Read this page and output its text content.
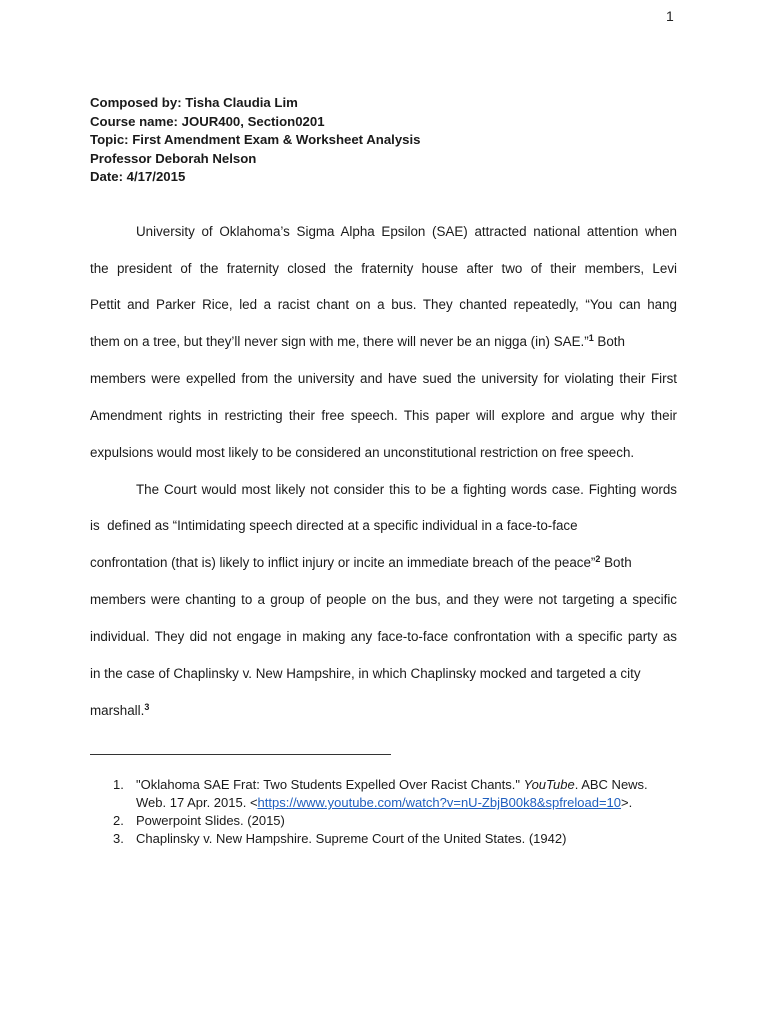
1
Composed by: Tisha Claudia Lim
Course name: JOUR400, Section0201
Topic: First Amendment Exam & Worksheet Analysis
Professor Deborah Nelson
Date: 4/17/2015
University of Oklahoma’s Sigma Alpha Epsilon (SAE) attracted national attention when
the president of the fraternity closed the fraternity house after two of their members, Levi
Pettit and Parker Rice, led a racist chant on a bus. They chanted repeatedly, “You can hang
them on a tree, but they’ll never sign with me, there will never be an nigga (in) SAE.”$^1$ Both
members were expelled from the university and have sued the university for violating their First
Amendment rights in restricting their free speech. This paper will explore and argue why their
expulsions would most likely to be considered an unconstitutional restriction on free speech.
The Court would most likely not consider this to be a fighting words case. Fighting words
is  defined as “Intimidating speech directed at a specific individual in a face-to-face
confrontation (that is) likely to inflict injury or incite an immediate breach of the peace”$^2$ Both
members were chanting to a group of people on the bus, and they were not targeting a specific
individual. They did not engage in making any face-to-face confrontation with a specific party as
in the case of Chaplinsky v. New Hampshire, in which Chaplinsky mocked and targeted a city
marshall.$^3$
1. "Oklahoma SAE Frat: Two Students Expelled Over Racist Chants." YouTube. ABC News.
Web. 17 Apr. 2015. <https://www.youtube.com/watch?v=nU-ZbjB00k8&spfreload=10>.
2. Powerpoint Slides. (2015)
3. Chaplinsky v. New Hampshire. Supreme Court of the United States. (1942)
